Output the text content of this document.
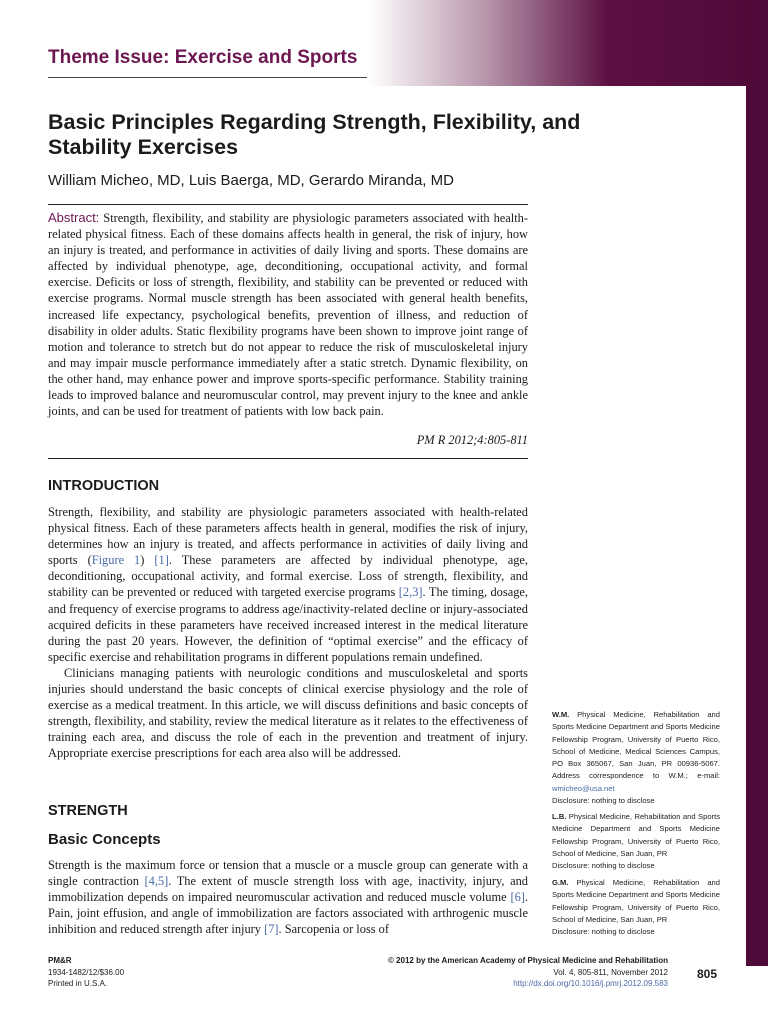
Theme Issue: Exercise and Sports
Basic Principles Regarding Strength, Flexibility, and Stability Exercises
William Micheo, MD, Luis Baerga, MD, Gerardo Miranda, MD
Abstract: Strength, flexibility, and stability are physiologic parameters associated with health-related physical fitness. Each of these domains affects health in general, the risk of injury, how an injury is treated, and performance in activities of daily living and sports. These domains are affected by individual phenotype, age, deconditioning, occupational activity, and formal exercise. Deficits or loss of strength, flexibility, and stability can be prevented or reduced with exercise programs. Normal muscle strength has been associated with general health benefits, increased life expectancy, psychological benefits, prevention of illness, and reduction of disability in older adults. Static flexibility programs have been shown to improve joint range of motion and tolerance to stretch but do not appear to reduce the risk of musculoskeletal injury and may impair muscle performance immediately after a static stretch. Dynamic flexibility, on the other hand, may enhance power and improve sports-specific performance. Stability training leads to improved balance and neuromuscular control, may prevent injury to the knee and ankle joints, and can be used for treatment of patients with low back pain.
PM R 2012;4:805-811
INTRODUCTION

Strength, flexibility, and stability are physiologic parameters associated with health-related physical fitness. Each of these parameters affects health in general, modifies the risk of injury, determines how an injury is treated, and affects performance in activities of daily living and sports (Figure 1) [1]. These parameters are affected by individual phenotype, age, deconditioning, occupational activity, and formal exercise. Loss of strength, flexibility, and stability can be prevented or reduced with targeted exercise programs [2,3]. The timing, dosage, and frequency of exercise programs to address age/inactivity-related decline or injury-associated acquired deficits in these parameters have received increased interest in the medical literature during the past 20 years. However, the definition of “optimal exercise” and the efficacy of specific exercise and rehabilitation programs in different populations remain undefined.

Clinicians managing patients with neurologic conditions and musculoskeletal and sports injuries should understand the basic concepts of clinical exercise physiology and the role of exercise as a medical treatment. In this article, we will discuss definitions and basic concepts of strength, flexibility, and stability, review the medical literature as it relates to the effectiveness of training each area, and discuss the role of each in the prevention and treatment of injury. Appropriate exercise prescriptions for each area also will be addressed.

STRENGTH
Basic Concepts

Strength is the maximum force or tension that a muscle or a muscle group can generate with a single contraction [4,5]. The extent of muscle strength loss with age, inactivity, injury, and immobilization depends on impaired neuromuscular activation and reduced muscle volume [6]. Pain, joint effusion, and angle of immobilization are factors associated with arthrogenic muscle inhibition and reduced strength after injury [7]. Sarcopenia or loss of

W.M. Physical Medicine, Rehabilitation and Sports Medicine Department and Sports Medicine Fellowship Program, University of Puerto Rico, School of Medicine, Medical Sciences Campus, PO Box 365067, San Juan, PR 00936-5067. Address correspondence to W.M.; e-mail: wmicheo@usa.net
Disclosure: nothing to disclose
L.B. Physical Medicine, Rehabilitation and Sports Medicine Department and Sports Medicine Fellowship Program, University of Puerto Rico, School of Medicine, San Juan, PR
Disclosure: nothing to disclose
G.M. Physical Medicine, Rehabilitation and Sports Medicine Department and Sports Medicine Fellowship Program, University of Puerto Rico, School of Medicine, San Juan, PR
Disclosure: nothing to disclose
PM&R
1934-1482/12/$36.00
Printed in U.S.A.
© 2012 by the American Academy of Physical Medicine and Rehabilitation
Vol. 4, 805-811, November 2012
http://dx.doi.org/10.1016/j.pmrj.2012.09.583
805
